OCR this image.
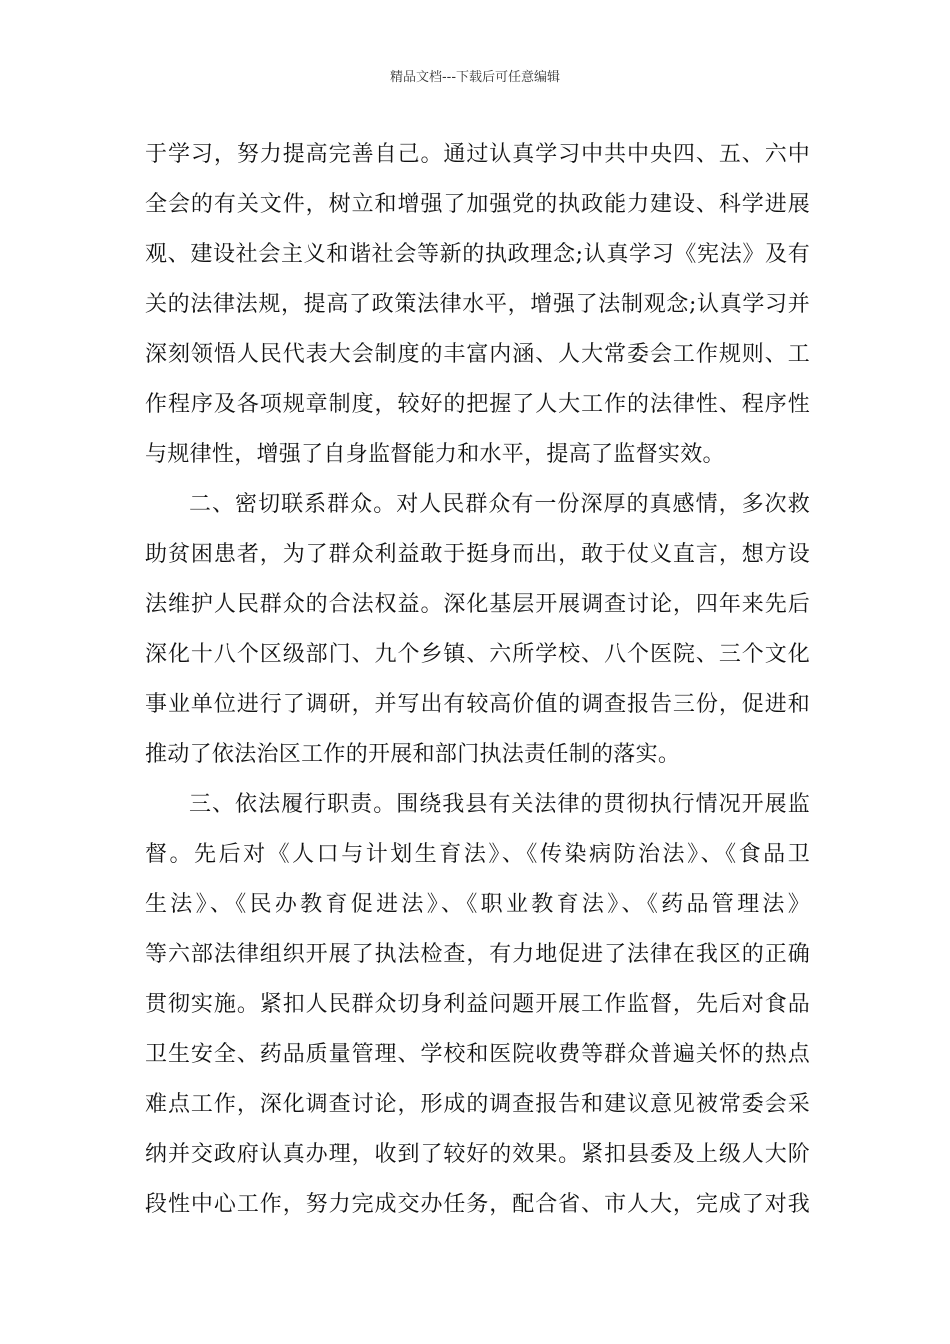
精品文档---下载后可任意编辑
于学习，努力提高完善自己。通过认真学习中共中央四、五、六中
全会的有关文件，树立和增强了加强党的执政能力建设、科学进展
观、建设社会主义和谐社会等新的执政理念;认真学习《宪法》及有
关的法律法规，提高了政策法律水平，增强了法制观念;认真学习并
深刻领悟人民代表大会制度的丰富内涵、人大常委会工作规则、工
作程序及各项规章制度，较好的把握了人大工作的法律性、程序性
与规律性，增强了自身监督能力和水平，提高了监督实效。
二、密切联系群众。对人民群众有一份深厚的真感情，多次救
助贫困患者，为了群众利益敢于挺身而出，敢于仗义直言，想方设
法维护人民群众的合法权益。深化基层开展调查讨论，四年来先后
深化十八个区级部门、九个乡镇、六所学校、八个医院、三个文化
事业单位进行了调研，并写出有较高价值的调查报告三份，促进和
推动了依法治区工作的开展和部门执法责任制的落实。
三、依法履行职责。围绕我县有关法律的贯彻执行情况开展监
督。先后对《人口与计划生育法》、《传染病防治法》、《食品卫
生法》、《民办教育促进法》、《职业教育法》、《药品管理法》
等六部法律组织开展了执法检查，有力地促进了法律在我区的正确
贯彻实施。紧扣人民群众切身利益问题开展工作监督，先后对食品
卫生安全、药品质量管理、学校和医院收费等群众普遍关怀的热点
难点工作，深化调查讨论，形成的调查报告和建议意见被常委会采
纳并交政府认真办理，收到了较好的效果。紧扣县委及上级人大阶
段性中心工作，努力完成交办任务，配合省、市人大，完成了对我
